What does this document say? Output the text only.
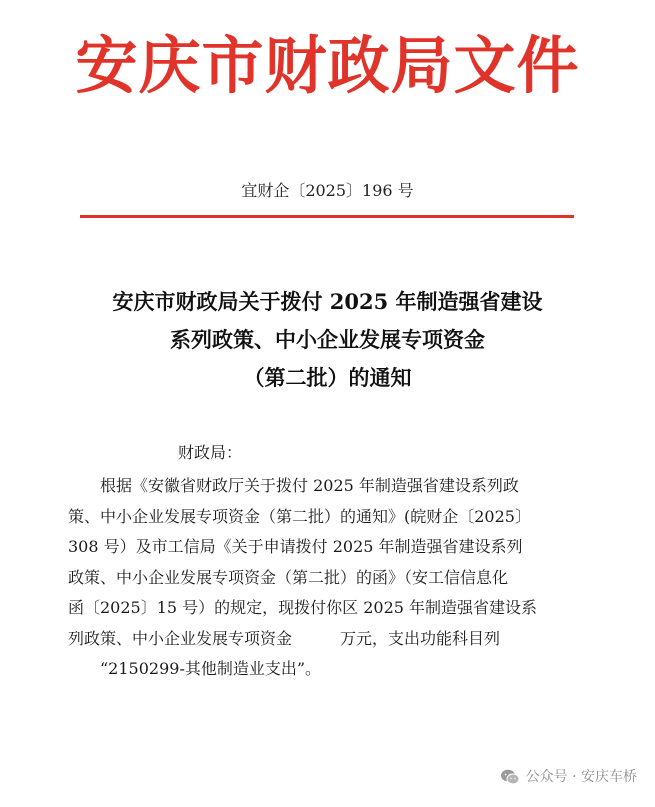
安庆市财政局文件
宜财企〔2025〕196 号
安庆市财政局关于拨付 2025 年制造强省建设
系列政策、中小企业发展专项资金
（第二批）的通知
财政局：
根据《安徽省财政厅关于拨付 2025 年制造强省建设系列政
策、中小企业发展专项资金（第二批）的通知》(皖财企〔2025〕
308 号）及市工信局《关于申请拨付 2025 年制造强省建设系列
政策、中小企业发展专项资金（第二批）的函》（安工信信息化
函〔2025〕15 号）的规定，现拨付你区 2025 年制造强省建设系
列政策、中小企业发展专项资金　　　万元，支出功能科目列
“2150299-其他制造业支出”。
公众号 · 安庆车桥
